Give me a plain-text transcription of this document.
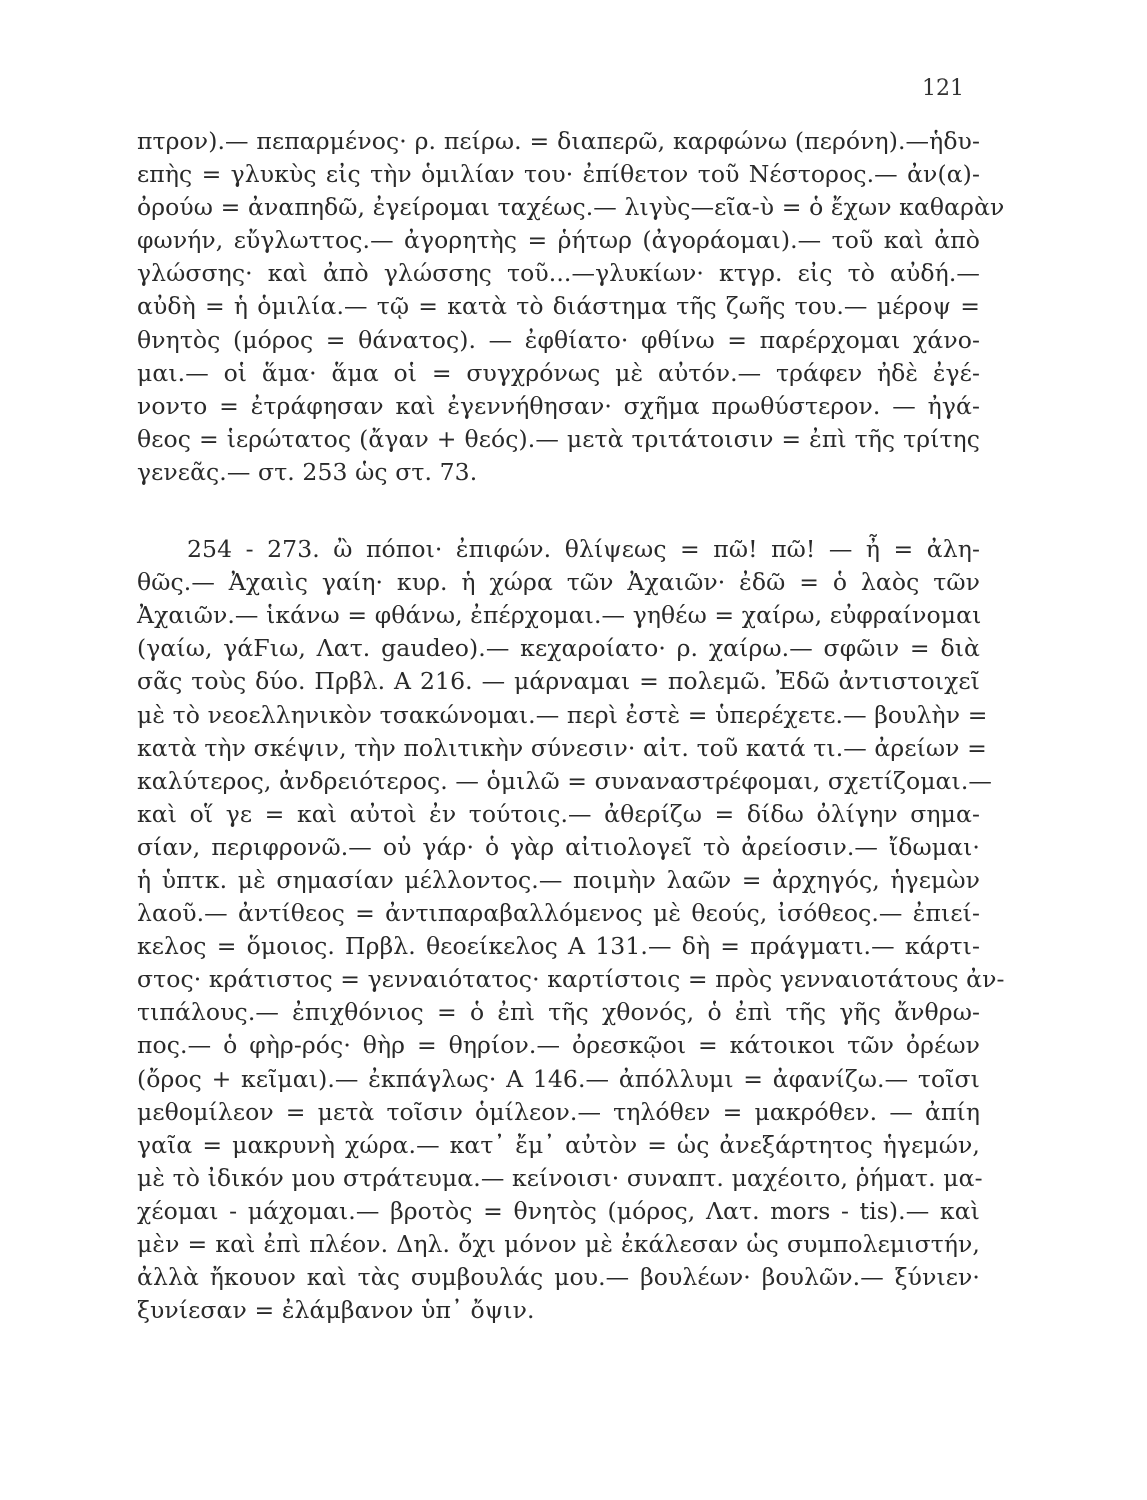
121
πτρον).— πεπαρμένος· ρ. πείρω. = διαπερῶ, καρφώνω (περόνη).—ἡδυ-
επὴς = γλυκὺς εἰς τὴν ὁμιλίαν του· ἐπίθετον τοῦ Νέστορος.— ἀν(α)-
ὀρούω = ἀναπηδῶ, ἐγείρομαι ταχέως.— λιγὺς—εῖα-ὺ = ὁ ἔχων καθαρὰν
φωνήν, εὔγλωττος.— ἀγορητὴς = ῥήτωρ (ἀγοράομαι).— τοῦ καὶ ἀπὸ
γλώσσης· καὶ ἀπὸ γλώσσης τοῦ...—γλυκίων· κτγρ. εἰς τὸ αὐδή.—
αὐδὴ = ἡ ὁμιλία.— τῷ = κατὰ τὸ διάστημα τῆς ζωῆς του.— μέροψ =
θνητὸς (μόρος = θάνατος). — ἐφθίατο· φθίνω = παρέρχομαι χάνο-
μαι.— οἱ ἅμα· ἅμα οἱ = συγχρόνως μὲ αὐτόν.— τράφεν ἠδὲ ἐγέ-
νοντο = ἐτράφησαν καὶ ἐγεννήθησαν· σχῆμα πρωθύστερον. — ἠγά-
θεος = ἱερώτατος (ἄγαν + θεός).— μετὰ τριτάτοισιν = ἐπὶ τῆς τρίτης
γενεᾶς.— στ. 253 ὡς στ. 73.
254 - 273. ὢ πόποι· ἐπιφών. θλίψεως = πῶ! πῶ! — ἦ = ἀλη-
θῶς.— Ἀχαιὶς γαίη· κυρ. ἡ χώρα τῶν Ἀχαιῶν· ἐδῶ = ὁ λαὸς τῶν
Ἀχαιῶν.— ἱκάνω = φθάνω, ἐπέρχομαι.— γηθέω = χαίρω, εὐφραίνομαι
(γαίω, γάϜιω, Λατ. gaudeo).— κεχαροίατο· ρ. χαίρω.— σφῶιν = διὰ
σᾶς τοὺς δύο. Πρβλ. Α 216. — μάρναμαι = πολεμῶ. Ἐδῶ ἀντιστοιχεῖ
μὲ τὸ νεοελληνικὸν τσακώνομαι.— περὶ ἐστὲ = ὑπερέχετε.— βουλὴν =
κατὰ τὴν σκέψιν, τὴν πολιτικὴν σύνεσιν· αἰτ. τοῦ κατά τι.— ἀρείων =
καλύτερος, ἀνδρειότερος. — ὁμιλῶ = συναναστρέφομαι, σχετίζομαι.—
καὶ οἵ γε = καὶ αὐτοὶ ἐν τούτοις.— ἀθερίζω = δίδω ὀλίγην σημα-
σίαν, περιφρονῶ.— οὐ γάρ· ὁ γὰρ αἰτιολογεῖ τὸ ἀρείοσιν.— ἴδωμαι·
ἡ ὑπτκ. μὲ σημασίαν μέλλοντος.— ποιμὴν λαῶν = ἀρχηγός, ἡγεμὼν
λαοῦ.— ἀντίθεος = ἀντιπαραβαλλόμενος μὲ θεούς, ἰσόθεος.— ἐπιεί-
κελος = ὅμοιος. Πρβλ. θεοείκελος Α 131.— δὴ = πράγματι.— κάρτι-
στος· κράτιστος = γενναιότατος· καρτίστοις = πρὸς γενναιοτάτους ἀν-
τιπάλους.— ἐπιχθόνιος = ὁ ἐπὶ τῆς χθονός, ὁ ἐπὶ τῆς γῆς ἄνθρω-
πος.— ὁ φὴρ-ρός· θὴρ = θηρίον.— ὀρεσκῷοι = κάτοικοι τῶν ὀρέων
(ὄρος + κεῖμαι).— ἐκπάγλως· Α 146.— ἀπόλλυμι = ἀφανίζω.— τοῖσι
μεθομίλεον = μετὰ τοῖσιν ὁμίλεον.— τηλόθεν = μακρόθεν. — ἀπίη
γαῖα = μακρυνὴ χώρα.— κατ᾽ ἔμ᾽ αὐτὸν = ὡς ἀνεξάρτητος ἡγεμών,
μὲ τὸ ἰδικόν μου στράτευμα.— κείνοισι· συναπτ. μαχέοιτο, ῥήματ. μα-
χέομαι - μάχομαι.— βροτὸς = θνητὸς (μόρος, Λατ. mors - tis).— καὶ
μὲν = καὶ ἐπὶ πλέον. Δηλ. ὄχι μόνον μὲ ἐκάλεσαν ὡς συμπολεμιστήν,
ἀλλὰ ἤκουον καὶ τὰς συμβουλάς μου.— βουλέων· βουλῶν.— ξύνιεν·
ξυνίεσαν = ἐλάμβανον ὑπ᾽ ὄψιν.
